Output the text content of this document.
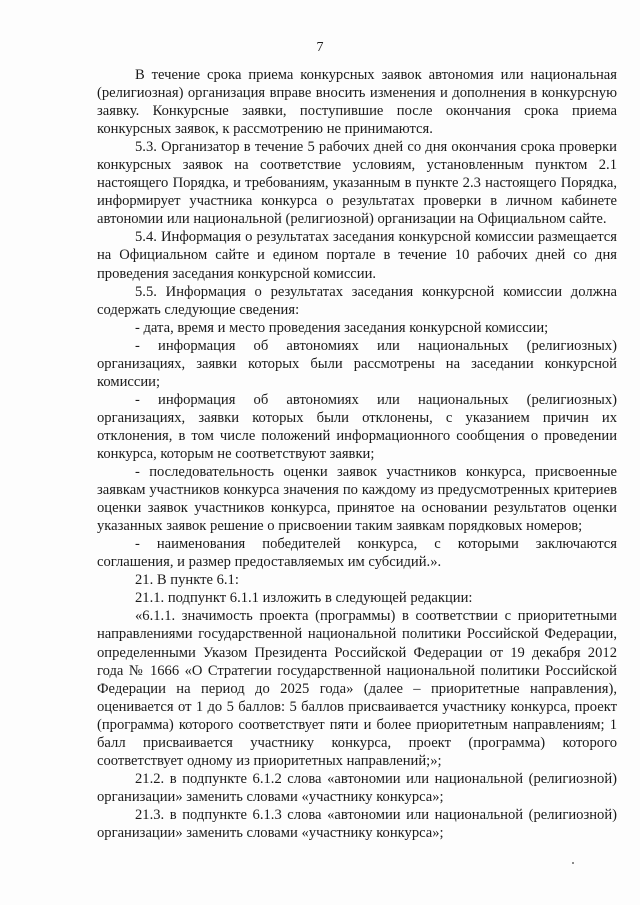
7

В течение срока приема конкурсных заявок автономия или национальная (религиозная) организация вправе вносить изменения и дополнения в конкурсную заявку. Конкурсные заявки, поступившие после окончания срока приема конкурсных заявок, к рассмотрению не принимаются.

5.3. Организатор в течение 5 рабочих дней со дня окончания срока проверки конкурсных заявок на соответствие условиям, установленным пунктом 2.1 настоящего Порядка, и требованиям, указанным в пункте 2.3 настоящего Порядка, информирует участника конкурса о результатах проверки в личном кабинете автономии или национальной (религиозной) организации на Официальном сайте.

5.4. Информация о результатах заседания конкурсной комиссии размещается на Официальном сайте и едином портале в течение 10 рабочих дней со дня проведения заседания конкурсной комиссии.

5.5. Информация о результатах заседания конкурсной комиссии должна содержать следующие сведения:

- дата, время и место проведения заседания конкурсной комиссии;

- информация об автономиях или национальных (религиозных) организациях, заявки которых были рассмотрены на заседании конкурсной комиссии;

- информация об автономиях или национальных (религиозных) организациях, заявки которых были отклонены, с указанием причин их отклонения, в том числе положений информационного сообщения о проведении конкурса, которым не соответствуют заявки;

- последовательность оценки заявок участников конкурса, присвоенные заявкам участников конкурса значения по каждому из предусмотренных критериев оценки заявок участников конкурса, принятое на основании результатов оценки указанных заявок решение о присвоении таким заявкам порядковых номеров;

- наименования победителей конкурса, с которыми заключаются соглашения, и размер предоставляемых им субсидий.».

21. В пункте 6.1:

21.1. подпункт 6.1.1 изложить в следующей редакции:

«6.1.1. значимость проекта (программы) в соответствии с приоритетными направлениями государственной национальной политики Российской Федерации, определенными Указом Президента Российской Федерации от 19 декабря 2012 года № 1666 «О Стратегии государственной национальной политики Российской Федерации на период до 2025 года» (далее – приоритетные направления), оценивается от 1 до 5 баллов: 5 баллов присваивается участнику конкурса, проект (программа) которого соответствует пяти и более приоритетным направлениям; 1 балл присваивается участнику конкурса, проект (программа) которого соответствует одному из приоритетных направлений;»;

21.2. в подпункте 6.1.2 слова «автономии или национальной (религиозной) организации» заменить словами «участнику конкурса»;

21.3. в подпункте 6.1.3 слова «автономии или национальной (религиозной) организации» заменить словами «участнику конкурса»;
